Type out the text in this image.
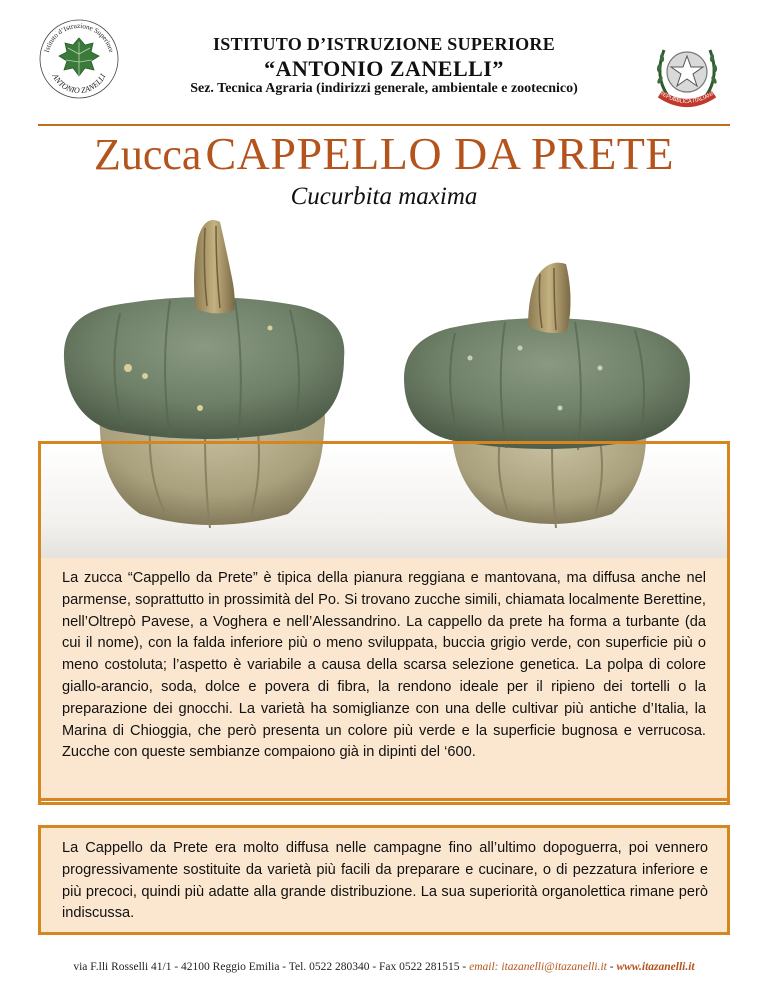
Istituto d’Istruzione Superiore
ANTONIO ZANELLI
ISTITUTO D’ISTRUZIONE SUPERIORE
“ANTONIO ZANELLI”
Sez. Tecnica Agraria (indirizzi generale, ambientale e zootecnico)	REPUBBLICA ITALIANA
Zucca CAPPELLO DA PRETE
Cucurbita maxima
La zucca “Cappello da Prete” è tipica della pianura reggiana e mantovana, ma diffusa anche nel parmense, soprattutto in prossimità del Po. Si trovano zucche simili, chiamata localmente Berettine, nell’Oltrepò Pavese, a Voghera e nell’Alessandrino. La cappello da prete ha forma a turbante (da cui il nome), con la falda inferiore più o meno sviluppata, buccia grigio verde, con superficie più o meno costoluta; l’aspetto è variabile a causa della scarsa selezione genetica. La polpa di colore giallo-arancio, soda, dolce e povera di fibra, la rendono ideale per il ripieno dei tortelli o la preparazione dei gnocchi. La varietà ha somiglianze con una delle cultivar più antiche d’Italia, la Marina di Chioggia, che però presenta un colore più verde e la superficie bugnosa e verrucosa. Zucche con queste sembianze compaiono già in dipinti del ‘600.
La Cappello da Prete era molto diffusa nelle campagne fino all’ultimo dopoguerra, poi vennero progressivamente sostituite da varietà più facili da preparare e cucinare, o di pezzatura inferiore e più precoci, quindi più adatte alla grande distribuzione. La sua superiorità organolettica rimane però indiscussa.
via F.lli Rosselli 41/1 - 42100 Reggio Emilia - Tel. 0522 280340 - Fax 0522 281515 - email: itazanelli@itazanelli.it - www.itazanelli.it
